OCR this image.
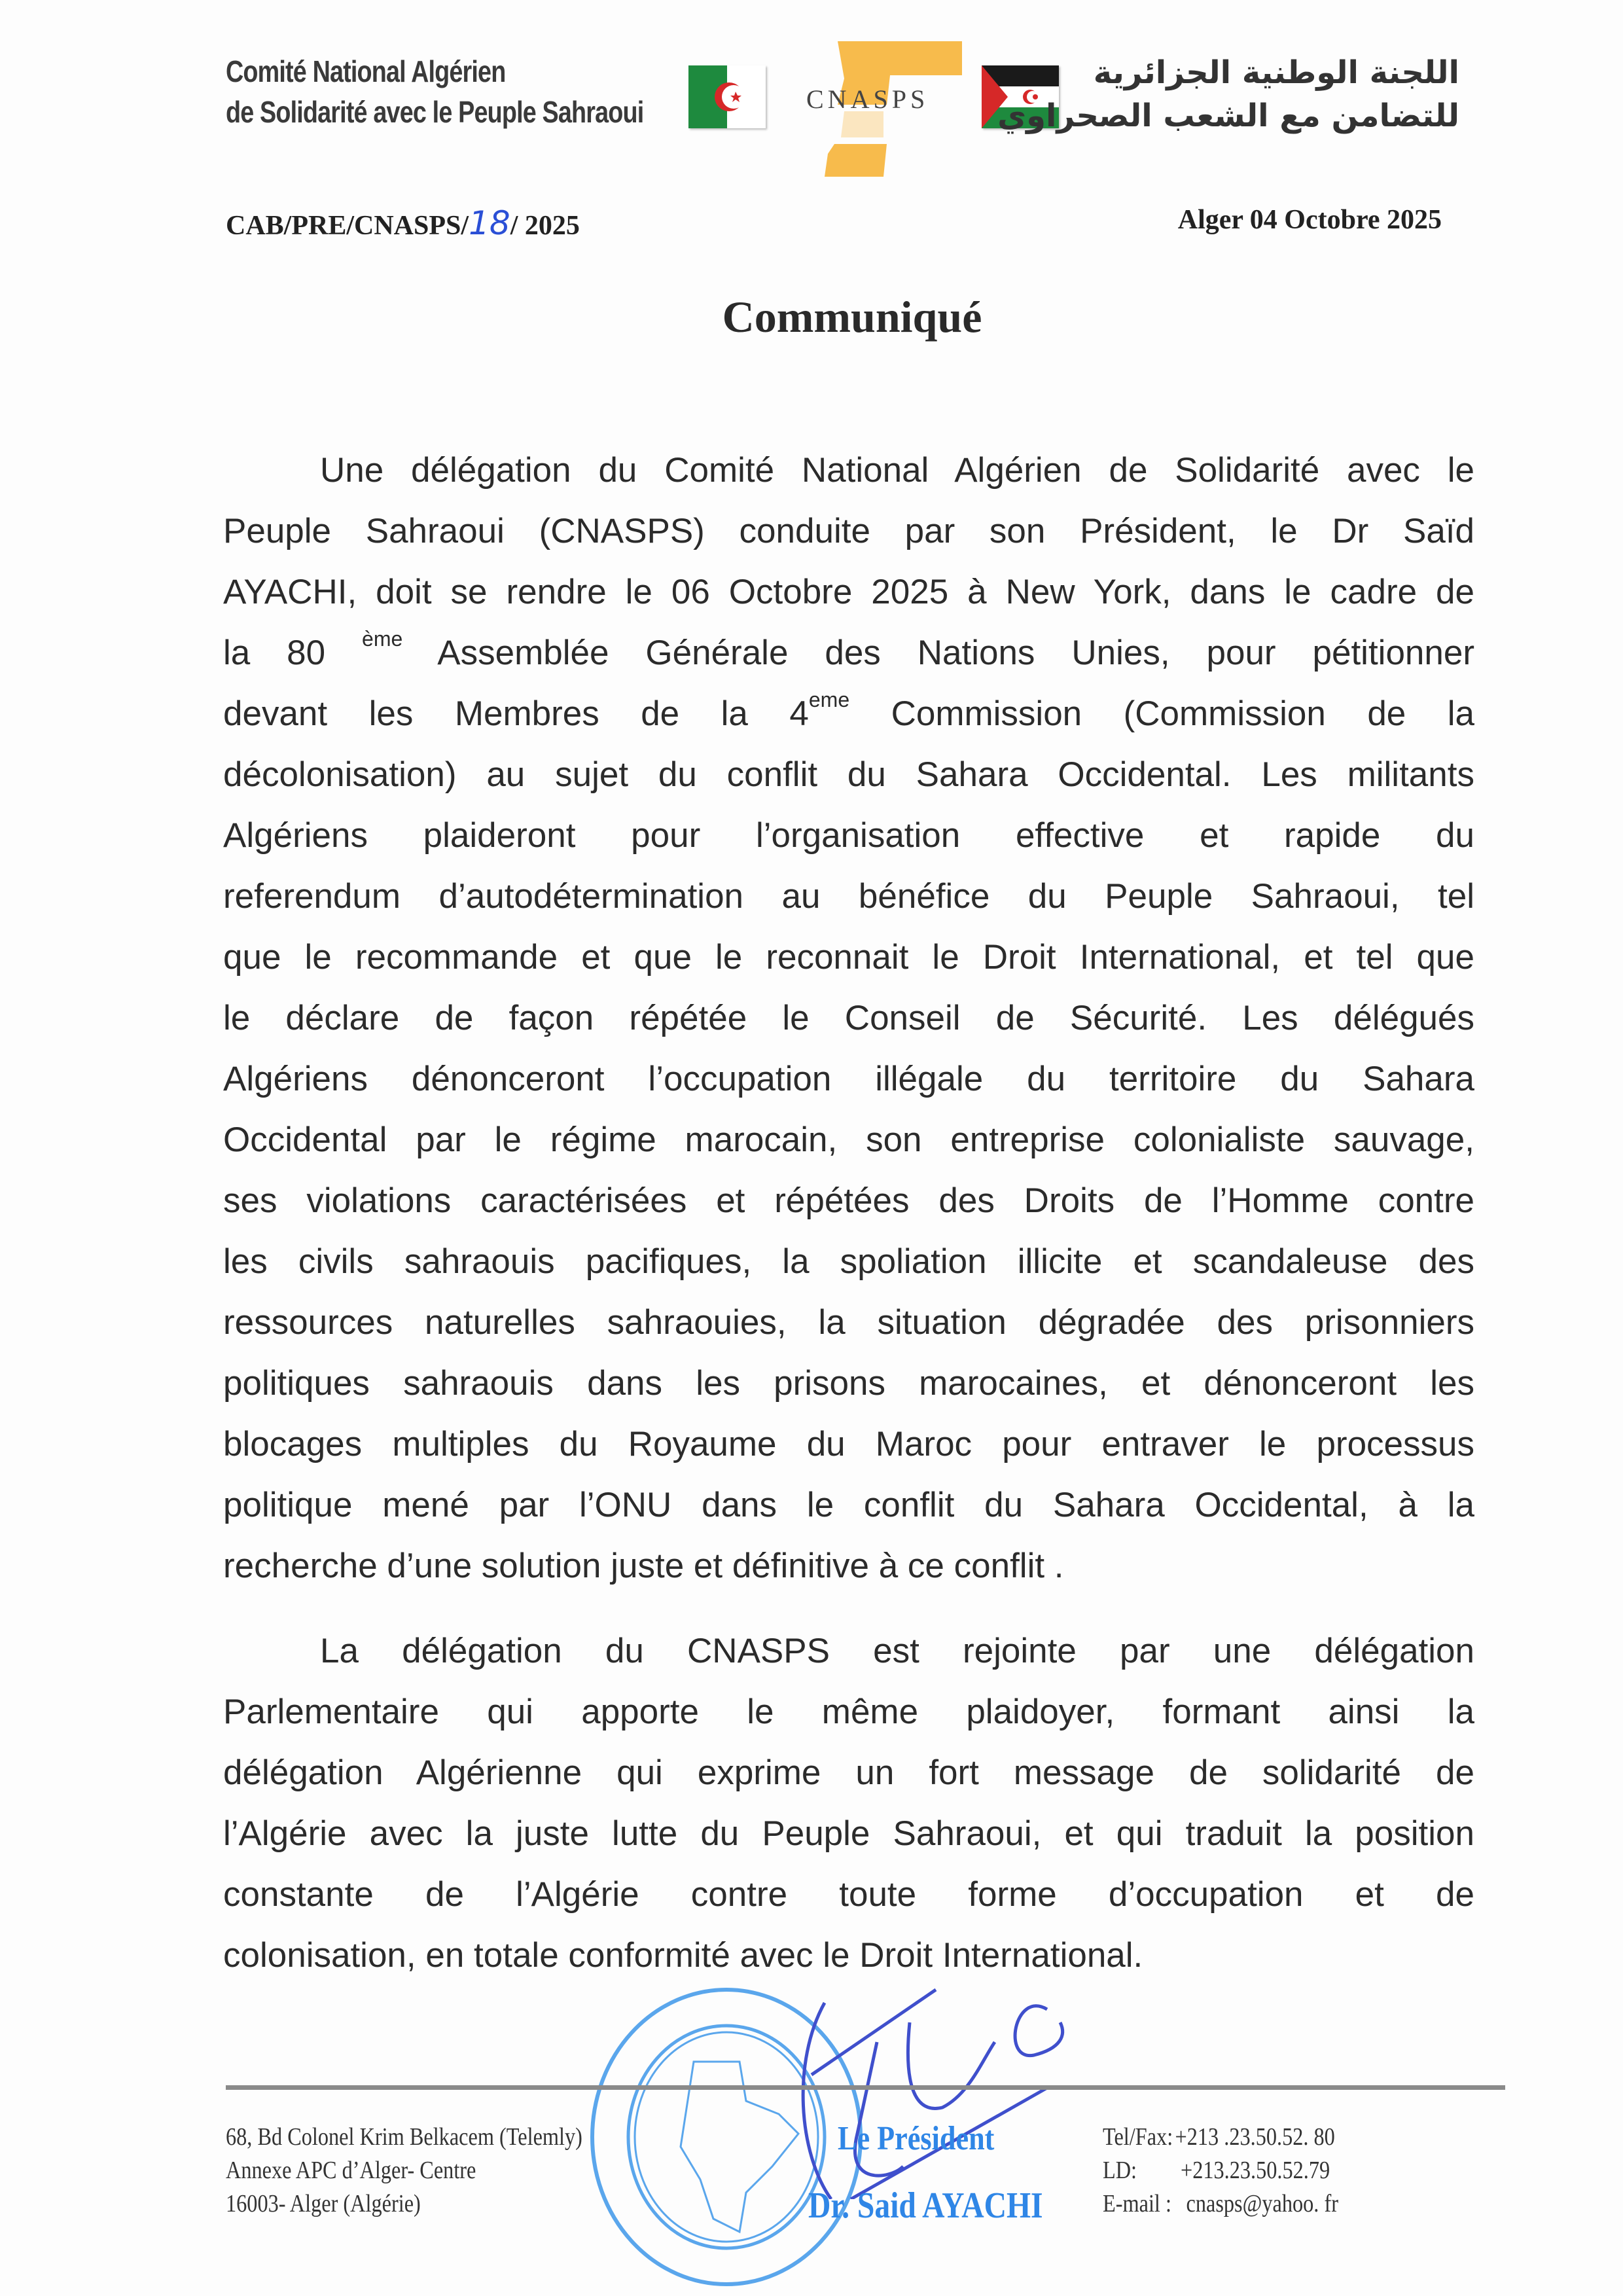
Comité National Algérien
de Solidarité avec le Peuple Sahraoui	CNASPS
اللجنة الوطنية الجزائرية
للتضامن مع الشعب الصحراوي
CAB/PRE/CNASPS/18/ 2025	Alger 04 Octobre 2025
Communiqué
Une délégation du Comité National Algérien de Solidarité avec le
Peuple Sahraoui (CNASPS) conduite par son Président, le Dr Saïd
AYACHI, doit se rendre le 06 Octobre 2025 à New York, dans le cadre de
la 80 $^{ème}$ Assemblée Générale des Nations Unies, pour pétitionner
devant les Membres de la 4eme Commission (Commission de la
décolonisation) au sujet du conflit du Sahara Occidental. Les militants
Algériens plaideront pour l’organisation effective et rapide du
referendum d’autodétermination au bénéfice du Peuple Sahraoui, tel
que le recommande et que le reconnait le Droit International, et tel que
le déclare de façon répétée le Conseil de Sécurité. Les délégués
Algériens dénonceront l’occupation illégale du territoire du Sahara
Occidental par le régime marocain, son entreprise colonialiste sauvage,
ses violations caractérisées et répétées des Droits de l’Homme contre
les civils sahraouis pacifiques, la spoliation illicite et scandaleuse des
ressources naturelles sahraouies, la situation dégradée des prisonniers
politiques sahraouis dans les prisons marocaines, et dénonceront les
blocages multiples du Royaume du Maroc pour entraver le processus
politique mené par l’ONU dans le conflit du Sahara Occidental, à la
recherche d’une solution juste et définitive à ce conflit .
La délégation du CNASPS est rejointe par une délégation
Parlementaire qui apporte le même plaidoyer, formant ainsi la
délégation Algérienne qui exprime un fort message de solidarité de
l’Algérie avec la juste lutte du Peuple Sahraoui, et qui traduit la position
constante de l’Algérie contre toute forme d’occupation et de
colonisation, en totale conformité avec le Droit International.
Le Président
Dr. Said AYACHI
68, Bd Colonel Krim Belkacem (Telemly)
Annexe APC d’Alger- Centre
16003- Alger (Algérie)
Tel/Fax:+213 .23.50.52. 80
LD: +213.23.50.52.79
E-mail : cnasps@yahoo. fr
